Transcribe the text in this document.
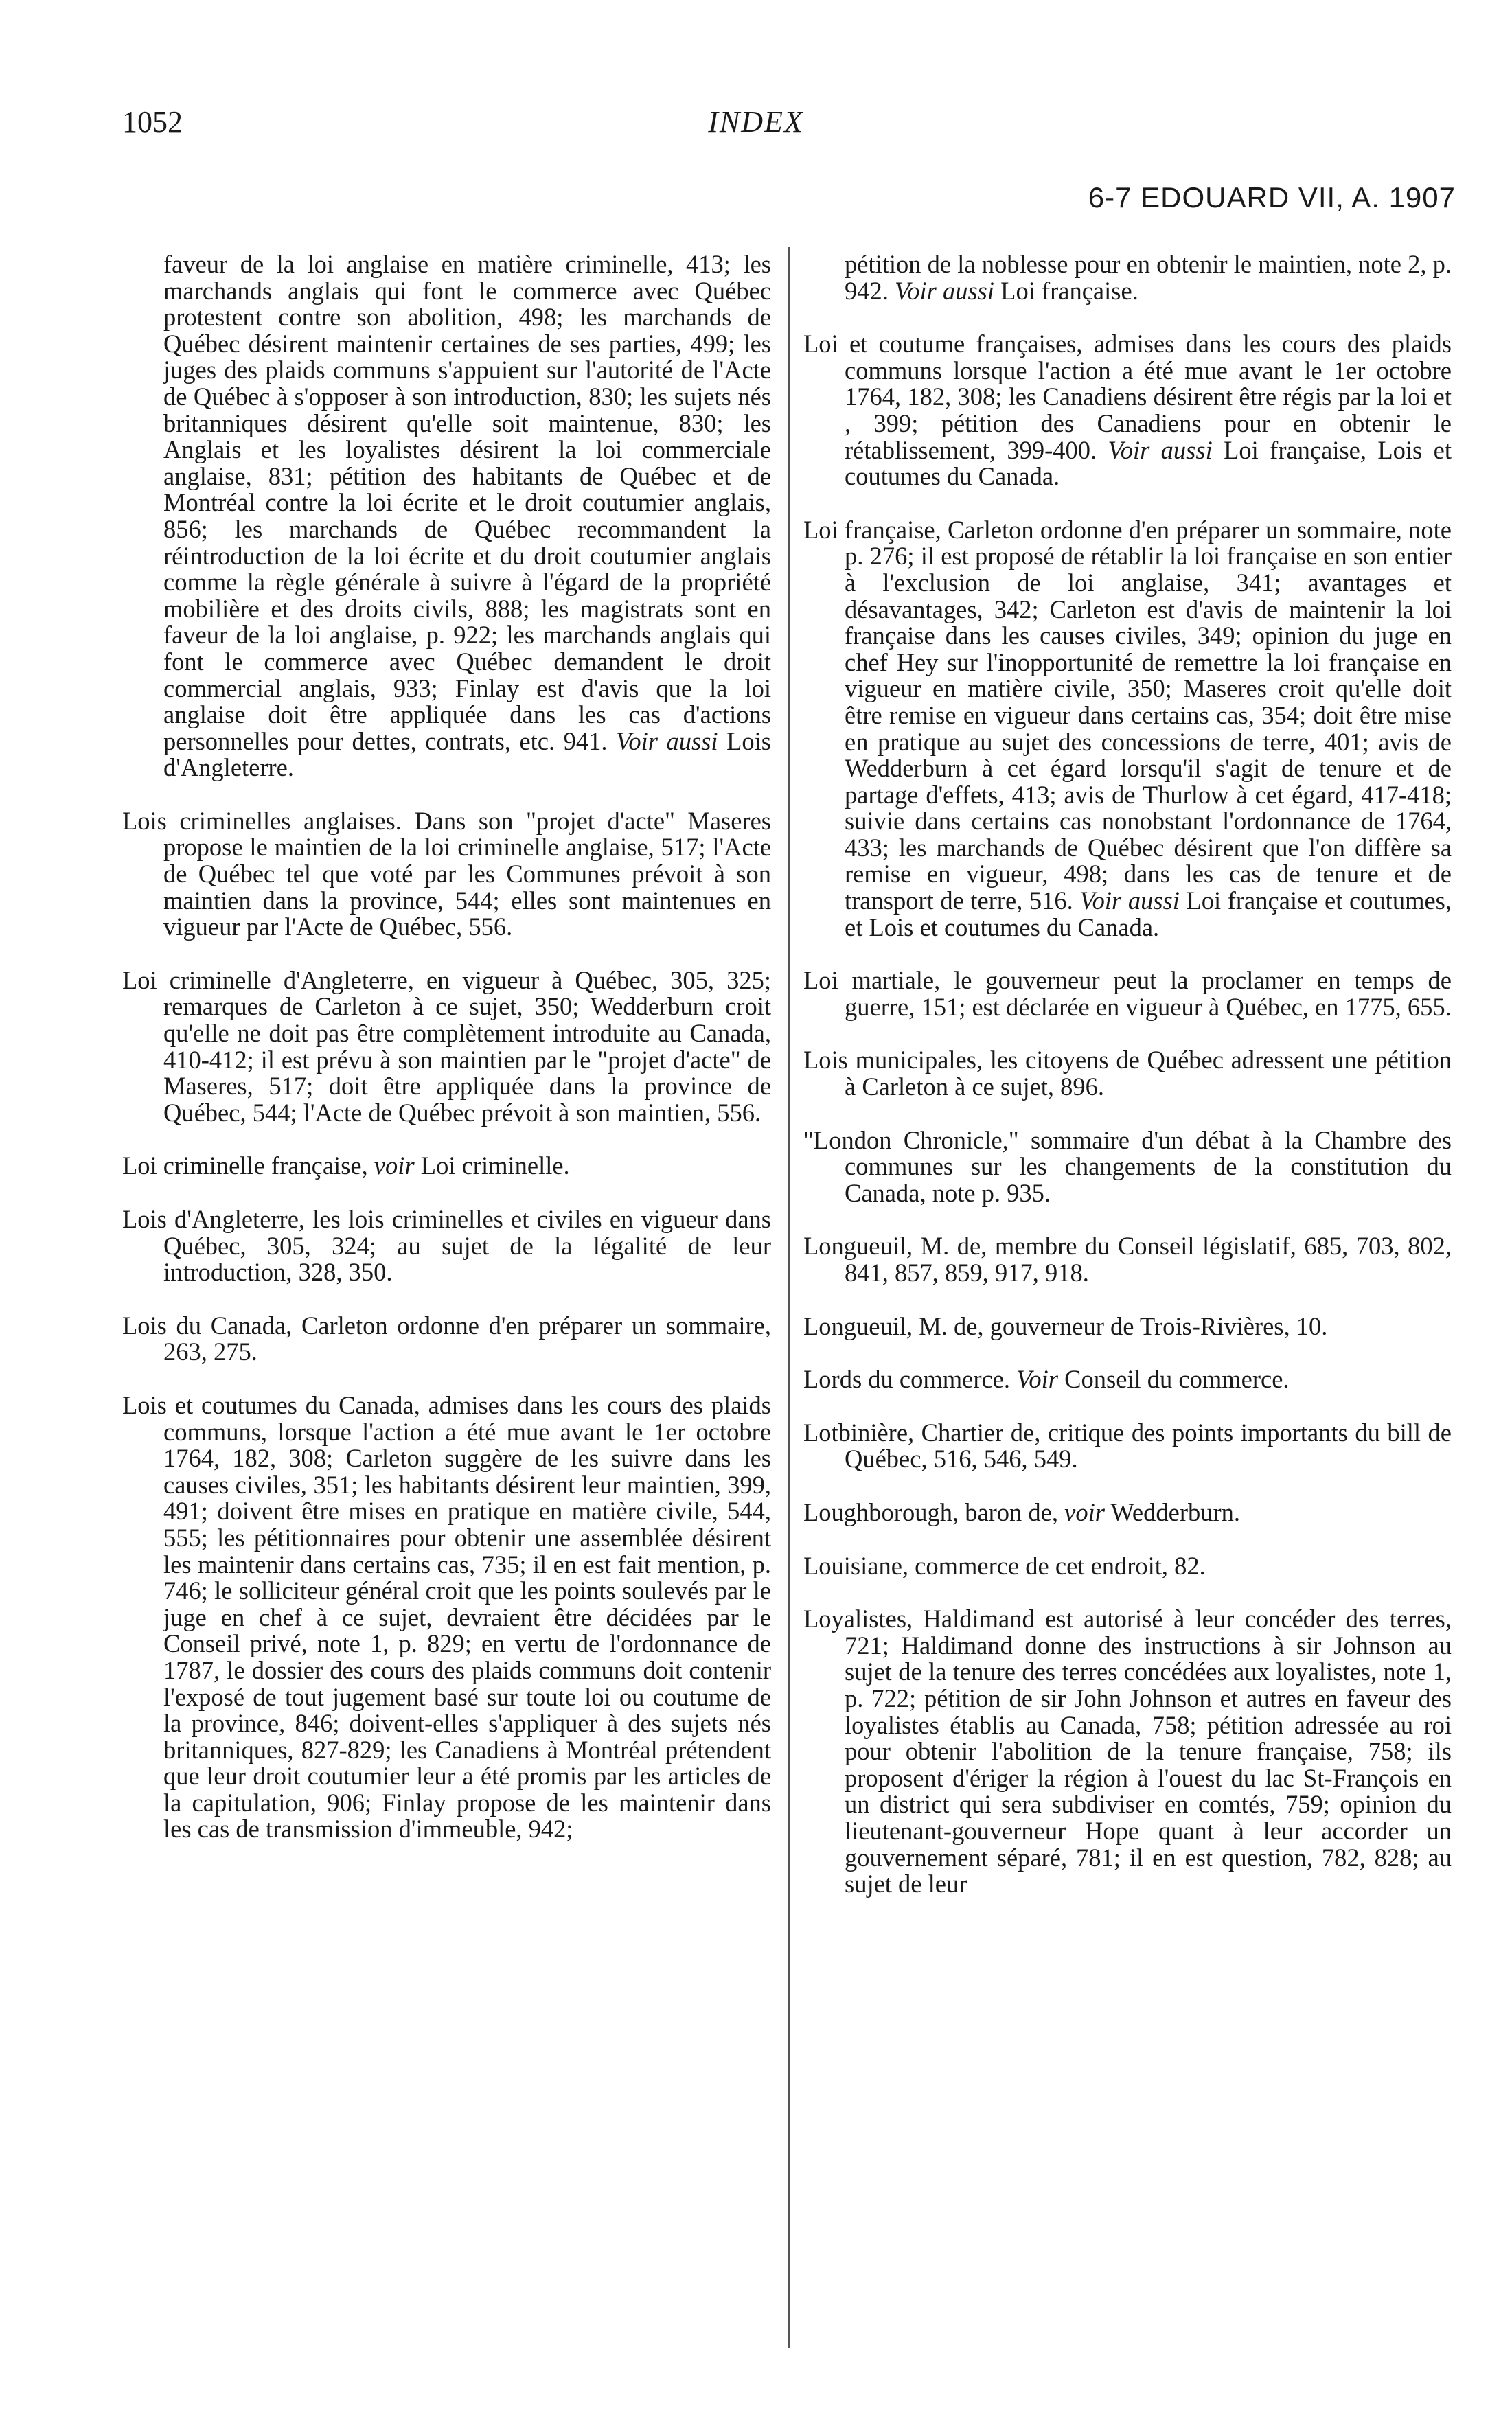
1052	INDEX
6-7 EDOUARD VII, A. 1907

faveur de la loi anglaise en matière criminelle, 413; les marchands anglais qui font le commerce avec Québec protestent contre son abolition, 498; les marchands de Québec désirent maintenir certaines de ses parties, 499; les juges des plaids communs s'appuient sur l'autorité de l'Acte de Québec à s'opposer à son introduction, 830; les sujets nés britanniques désirent qu'elle soit maintenue, 830; les Anglais et les loyalistes désirent la loi commerciale anglaise, 831; pétition des habitants de Québec et de Montréal contre la loi écrite et le droit coutumier anglais, 856; les marchands de Québec recommandent la réintroduction de la loi écrite et du droit coutumier anglais comme la règle générale à suivre à l'égard de la propriété mobilière et des droits civils, 888; les magistrats sont en faveur de la loi anglaise, p. 922; les marchands anglais qui font le commerce avec Québec demandent le droit commercial anglais, 933; Finlay est d'avis que la loi anglaise doit être appliquée dans les cas d'actions personnelles pour dettes, contrats, etc. 941. Voir aussi Lois d'Angleterre.

Lois criminelles anglaises. Dans son "projet d'acte" Maseres propose le maintien de la loi criminelle anglaise, 517; l'Acte de Québec tel que voté par les Communes prévoit à son maintien dans la province, 544; elles sont maintenues en vigueur par l'Acte de Québec, 556.

Loi criminelle d'Angleterre, en vigueur à Québec, 305, 325; remarques de Carleton à ce sujet, 350; Wedderburn croit qu'elle ne doit pas être complètement introduite au Canada, 410-412; il est prévu à son maintien par le "projet d'acte" de Maseres, 517; doit être appliquée dans la province de Québec, 544; l'Acte de Québec prévoit à son maintien, 556.

Loi criminelle française, voir Loi criminelle.

Lois d'Angleterre, les lois criminelles et civiles en vigueur dans Québec, 305, 324; au sujet de la légalité de leur introduction, 328, 350.

Lois du Canada, Carleton ordonne d'en préparer un sommaire, 263, 275.

Lois et coutumes du Canada, admises dans les cours des plaids communs, lorsque l'action a été mue avant le 1er octobre 1764, 182, 308; Carleton suggère de les suivre dans les causes civiles, 351; les habitants désirent leur maintien, 399, 491; doivent être mises en pratique en matière civile, 544, 555; les pétitionnaires pour obtenir une assemblée désirent les maintenir dans certains cas, 735; il en est fait mention, p. 746; le solliciteur général croit que les points soulevés par le juge en chef à ce sujet, devraient être décidées par le Conseil privé, note 1, p. 829; en vertu de l'ordonnance de 1787, le dossier des cours des plaids communs doit contenir l'exposé de tout jugement basé sur toute loi ou coutume de la province, 846; doivent-elles s'appliquer à des sujets nés britanniques, 827-829; les Canadiens à Montréal prétendent que leur droit coutumier leur a été promis par les articles de la capitulation, 906; Finlay propose de les maintenir dans les cas de transmission d'immeuble, 942;

pétition de la noblesse pour en obtenir le maintien, note 2, p. 942. Voir aussi Loi française.

Loi et coutume françaises, admises dans les cours des plaids communs lorsque l'action a été mue avant le 1er octobre 1764, 182, 308; les Canadiens désirent être régis par la loi et , 399; pétition des Canadiens pour en obtenir le rétablissement, 399-400. Voir aussi Loi française, Lois et coutumes du Canada.

Loi française, Carleton ordonne d'en préparer un sommaire, note p. 276; il est proposé de rétablir la loi française en son entier à l'exclusion de loi anglaise, 341; avantages et désavantages, 342; Carleton est d'avis de maintenir la loi française dans les causes civiles, 349; opinion du juge en chef Hey sur l'inopportunité de remettre la loi française en vigueur en matière civile, 350; Maseres croit qu'elle doit être remise en vigueur dans certains cas, 354; doit être mise en pratique au sujet des concessions de terre, 401; avis de Wedderburn à cet égard lorsqu'il s'agit de tenure et de partage d'effets, 413; avis de Thurlow à cet égard, 417-418; suivie dans certains cas nonobstant l'ordonnance de 1764, 433; les marchands de Québec désirent que l'on diffère sa remise en vigueur, 498; dans les cas de tenure et de transport de terre, 516. Voir aussi Loi française et coutumes, et Lois et coutumes du Canada.

Loi martiale, le gouverneur peut la proclamer en temps de guerre, 151; est déclarée en vigueur à Québec, en 1775, 655.

Lois municipales, les citoyens de Québec adressent une pétition à Carleton à ce sujet, 896.

"London Chronicle," sommaire d'un débat à la Chambre des communes sur les changements de la constitution du Canada, note p. 935.

Longueuil, M. de, membre du Conseil législatif, 685, 703, 802, 841, 857, 859, 917, 918.

Longueuil, M. de, gouverneur de Trois-Rivières, 10.

Lords du commerce. Voir Conseil du commerce.

Lotbinière, Chartier de, critique des points importants du bill de Québec, 516, 546, 549.

Loughborough, baron de, voir Wedderburn.

Louisiane, commerce de cet endroit, 82.

Loyalistes, Haldimand est autorisé à leur concéder des terres, 721; Haldimand donne des instructions à sir Johnson au sujet de la tenure des terres concédées aux loyalistes, note 1, p. 722; pétition de sir John Johnson et autres en faveur des loyalistes établis au Canada, 758; pétition adressée au roi pour obtenir l'abolition de la tenure française, 758; ils proposent d'ériger la région à l'ouest du lac St-François en un district qui sera subdiviser en comtés, 759; opinion du lieutenant-gouverneur Hope quant à leur accorder un gouvernement séparé, 781; il en est question, 782, 828; au sujet de leur
